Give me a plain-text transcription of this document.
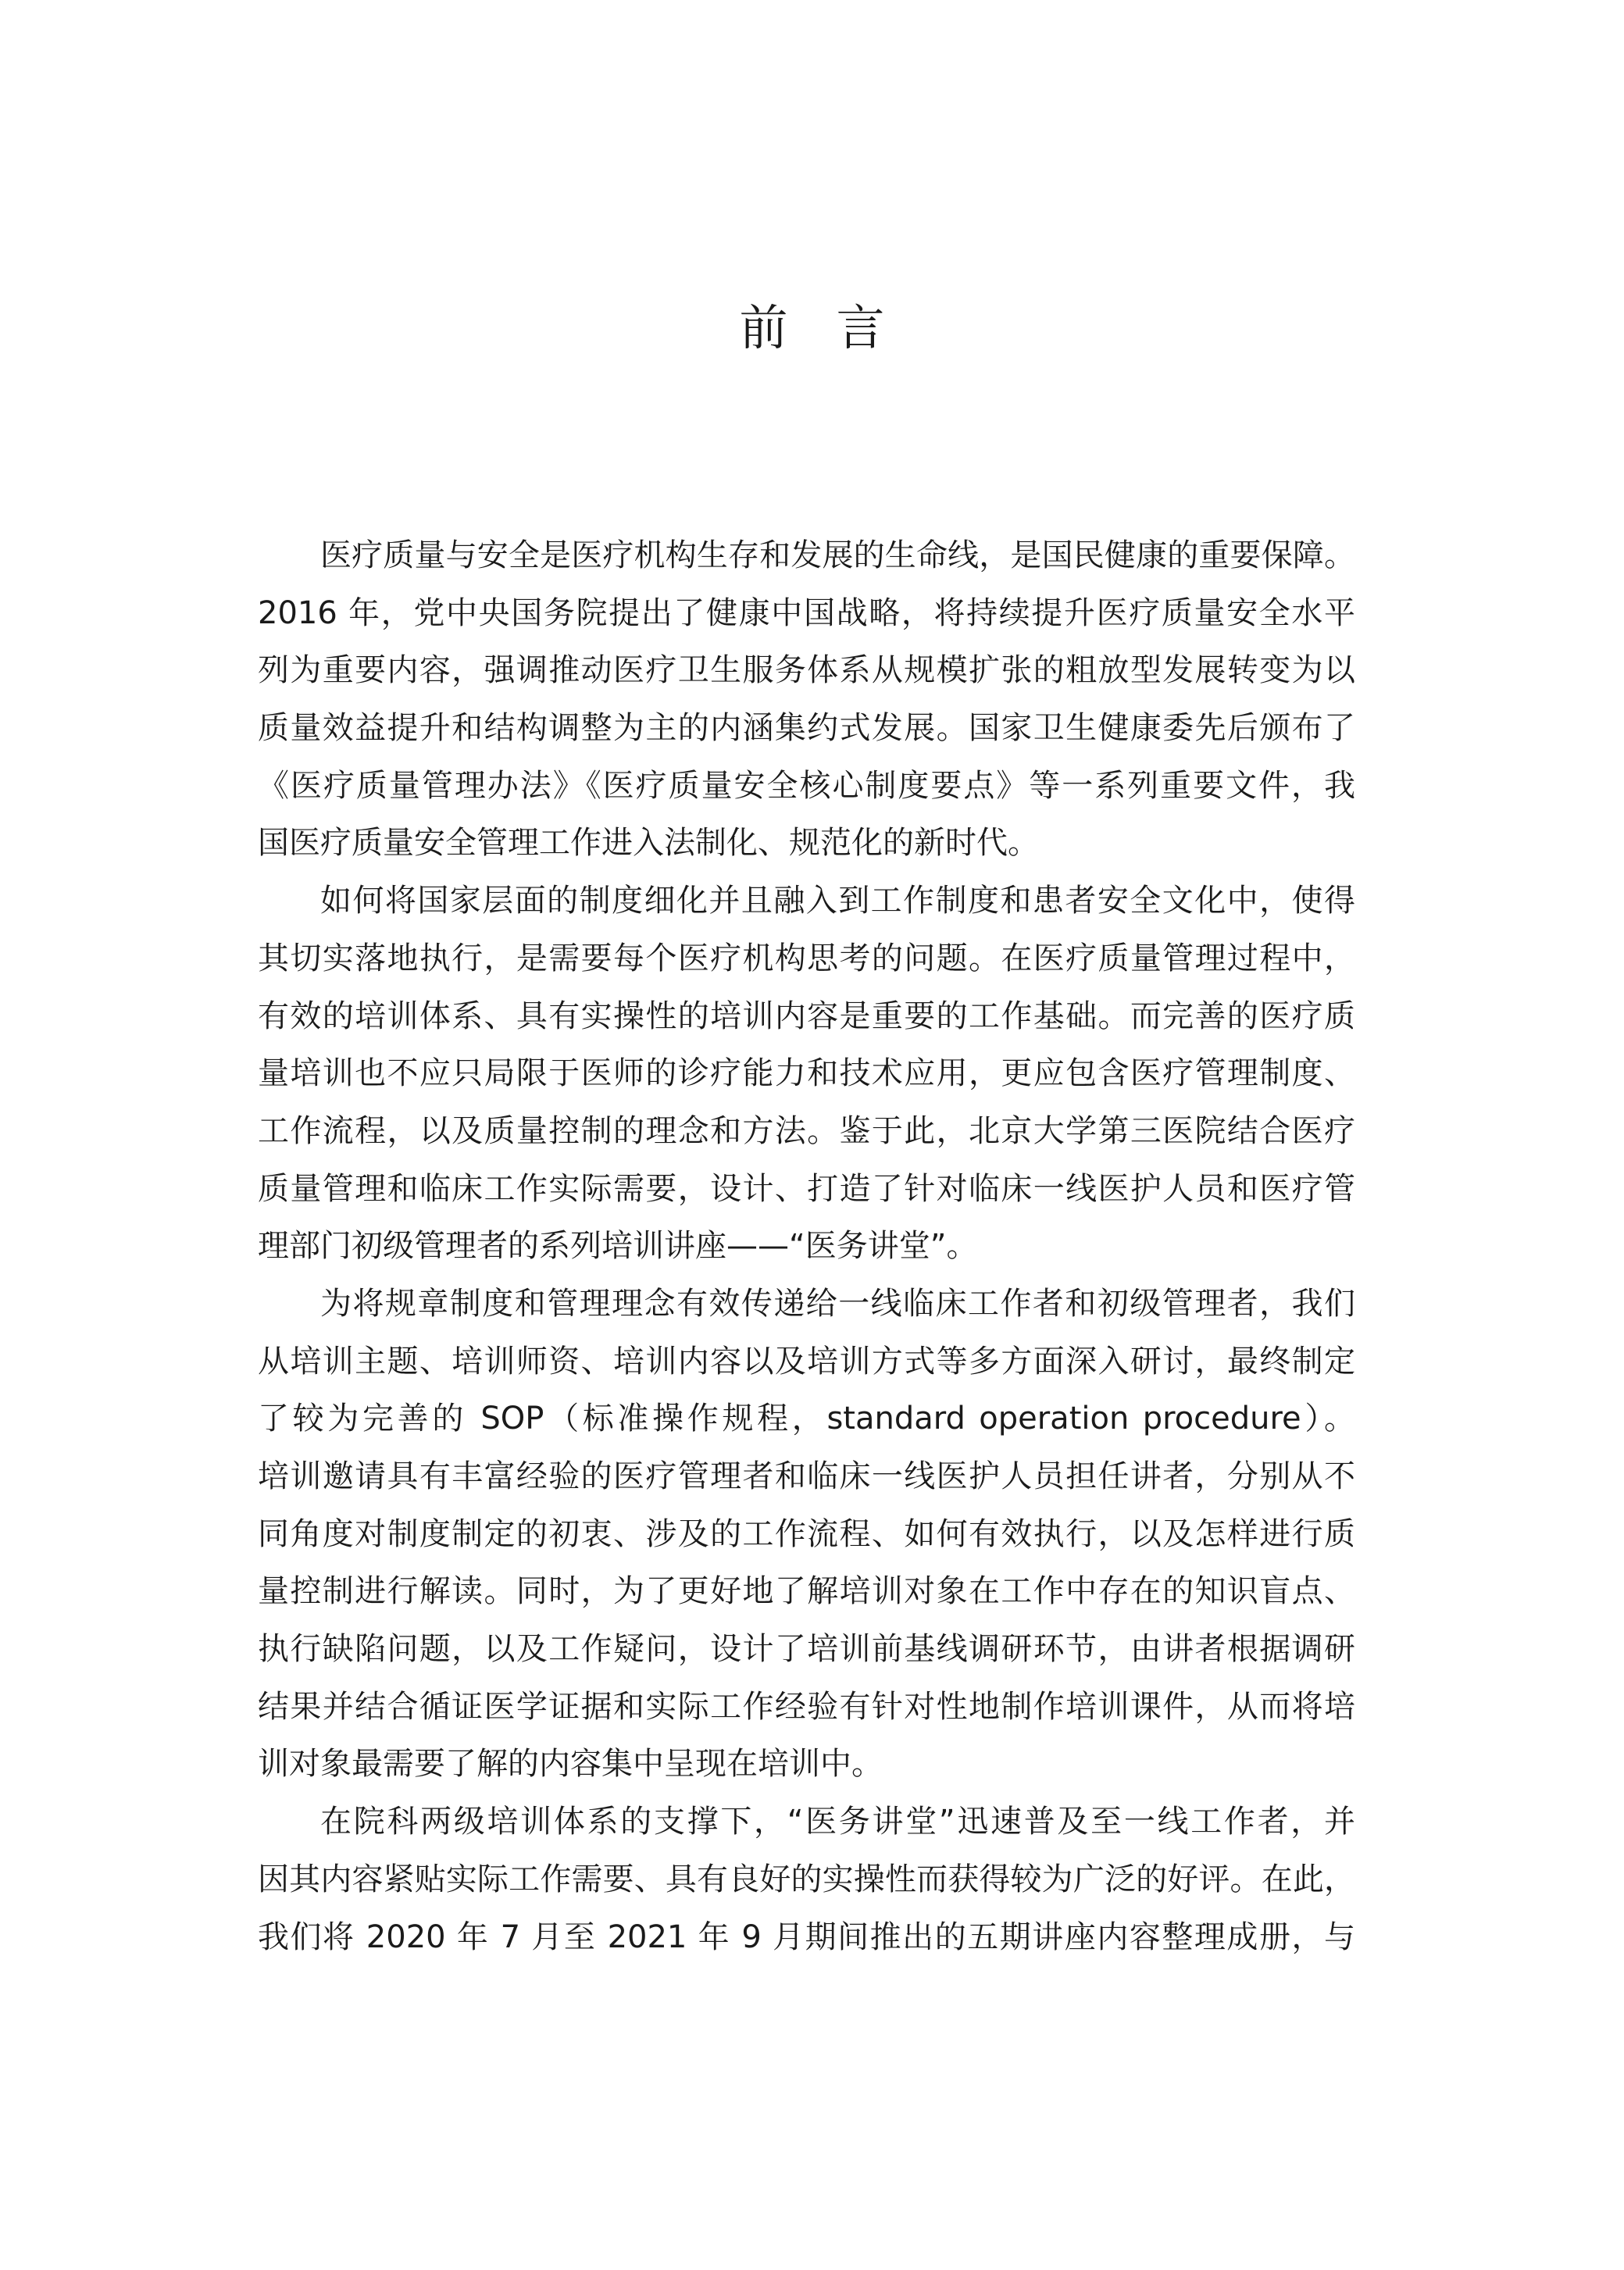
前 言
医疗质量与安全是医疗机构生存和发展的生命线，是国民健康的重要保障。
2016 年，党中央国务院提出了健康中国战略，将持续提升医疗质量安全水平
列为重要内容，强调推动医疗卫生服务体系从规模扩张的粗放型发展转变为以
质量效益提升和结构调整为主的内涵集约式发展。国家卫生健康委先后颁布了
《医疗质量管理办法》《医疗质量安全核心制度要点》等一系列重要文件，我
国医疗质量安全管理工作进入法制化、规范化的新时代。
如何将国家层面的制度细化并且融入到工作制度和患者安全文化中，使得
其切实落地执行，是需要每个医疗机构思考的问题。在医疗质量管理过程中，
有效的培训体系、具有实操性的培训内容是重要的工作基础。而完善的医疗质
量培训也不应只局限于医师的诊疗能力和技术应用，更应包含医疗管理制度、
工作流程，以及质量控制的理念和方法。鉴于此，北京大学第三医院结合医疗
质量管理和临床工作实际需要，设计、打造了针对临床一线医护人员和医疗管
理部门初级管理者的系列培训讲座——“医务讲堂”。
为将规章制度和管理理念有效传递给一线临床工作者和初级管理者，我们
从培训主题、培训师资、培训内容以及培训方式等多方面深入研讨，最终制定
了较为完善的 SOP（标准操作规程，standard operation procedure）。
培训邀请具有丰富经验的医疗管理者和临床一线医护人员担任讲者，分别从不
同角度对制度制定的初衷、涉及的工作流程、如何有效执行，以及怎样进行质
量控制进行解读。同时，为了更好地了解培训对象在工作中存在的知识盲点、
执行缺陷问题，以及工作疑问，设计了培训前基线调研环节，由讲者根据调研
结果并结合循证医学证据和实际工作经验有针对性地制作培训课件，从而将培
训对象最需要了解的内容集中呈现在培训中。
在院科两级培训体系的支撑下，“医务讲堂”迅速普及至一线工作者，并
因其内容紧贴实际工作需要、具有良好的实操性而获得较为广泛的好评。在此，
我们将 2020 年 7 月至 2021 年 9 月期间推出的五期讲座内容整理成册，与
